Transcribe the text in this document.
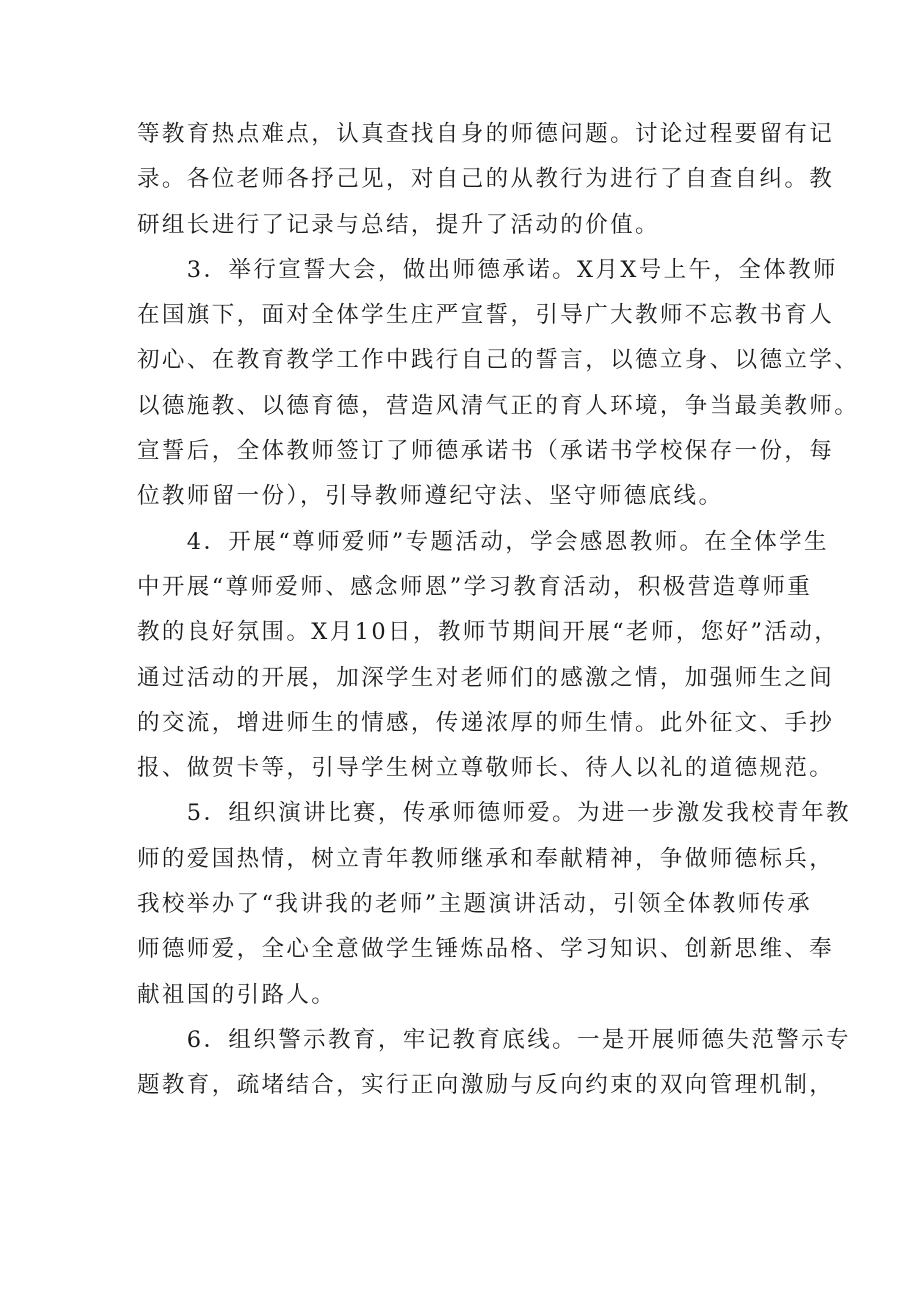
等教育热点难点，认真查找自身的师德问题。讨论过程要留有记
录。各位老师各抒己见，对自己的从教行为进行了自查自纠。教
研组长进行了记录与总结，提升了活动的价值。
　　3．举行宣誓大会，做出师德承诺。X月X号上午，全体教师
在国旗下，面对全体学生庄严宣誓，引导广大教师不忘教书育人
初心、在教育教学工作中践行自己的誓言，以德立身、以德立学、
以德施教、以德育德，营造风清气正的育人环境，争当最美教师。
宣誓后，全体教师签订了师德承诺书（承诺书学校保存一份，每
位教师留一份），引导教师遵纪守法、坚守师德底线。
　　4．开展“尊师爱师”专题活动，学会感恩教师。在全体学生
中开展“尊师爱师、感念师恩”学习教育活动，积极营造尊师重
教的良好氛围。X月10日，教师节期间开展“老师，您好”活动，
通过活动的开展，加深学生对老师们的感激之情，加强师生之间
的交流，增进师生的情感，传递浓厚的师生情。此外征文、手抄
报、做贺卡等，引导学生树立尊敬师长、待人以礼的道德规范。
　　5．组织演讲比赛，传承师德师爱。为进一步激发我校青年教
师的爱国热情，树立青年教师继承和奉献精神，争做师德标兵，
我校举办了“我讲我的老师”主题演讲活动，引领全体教师传承
师德师爱，全心全意做学生锤炼品格、学习知识、创新思维、奉
献祖国的引路人。
　　6．组织警示教育，牢记教育底线。一是开展师德失范警示专
题教育，疏堵结合，实行正向激励与反向约束的双向管理机制，
